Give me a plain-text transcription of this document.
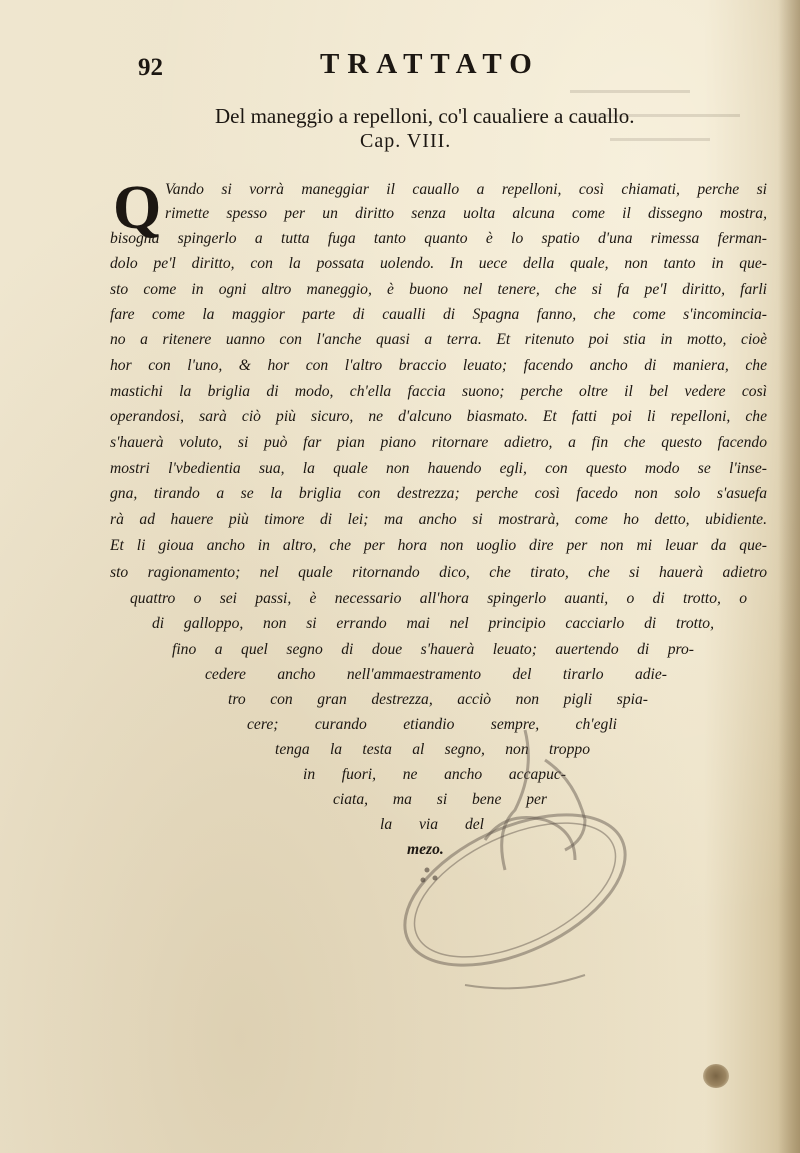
92	TRATTATO
Del maneggio a repelloni, co'l caualiere a cauallo.
Cap. VIII.
Q Vando si vorrà maneggiar il cauallo a repelloni, così chiamati, perche si
rimette spesso per un diritto senza uolta alcuna come il dissegno mostra,
bisogna spingerlo a tutta fuga tanto quanto è lo spatio d'una rimessa ferman-
dolo pe'l diritto, con la possata uolendo. In uece della quale, non tanto in que-
sto come in ogni altro maneggio, è buono nel tenere, che si fa pe'l diritto, farli
fare come la maggior parte di caualli di Spagna fanno, che come s'incomincia-
no a ritenere uanno con l'anche quasi a terra. Et ritenuto poi stia in motto, cioè
hor con l'uno, & hor con l'altro braccio leuato; facendo ancho di maniera, che
mastichi la briglia di modo, ch'ella faccia suono; perche oltre il bel vedere così
operandosi, sarà ciò più sicuro, ne d'alcuno biasmato. Et fatti poi li repelloni, che
s'hauerà voluto, si può far pian piano ritornare adietro, a fin che questo facendo
mostri l'vbedientia sua, la quale non hauendo egli, con questo modo se l'inse-
gna, tirando a se la briglia con destrezza; perche così facedo non solo s'asuefa
rà ad hauere più timore di lei; ma ancho si mostrarà, come ho detto, ubidiente.
Et li gioua ancho in altro, che per hora non uoglio dire per non mi leuar da que-
sto ragionamento; nel quale ritornando dico, che tirato, che si hauerà adietro
quattro o sei passi, è necessario all'hora spingerlo auanti, o di trotto, o
di galloppo, non si errando mai nel principio cacciarlo di trotto,
fino a quel segno di doue s'hauerà leuato; auertendo di pro-
cedere ancho nell'ammaestramento del tirarlo adie-
tro con gran destrezza, acciò non pigli spia-
cere; curando etiandio sempre, ch'egli
tenga la testa al segno, non troppo
in fuori, ne ancho accapuc-
ciata, ma si bene per
la via del
mezo.
